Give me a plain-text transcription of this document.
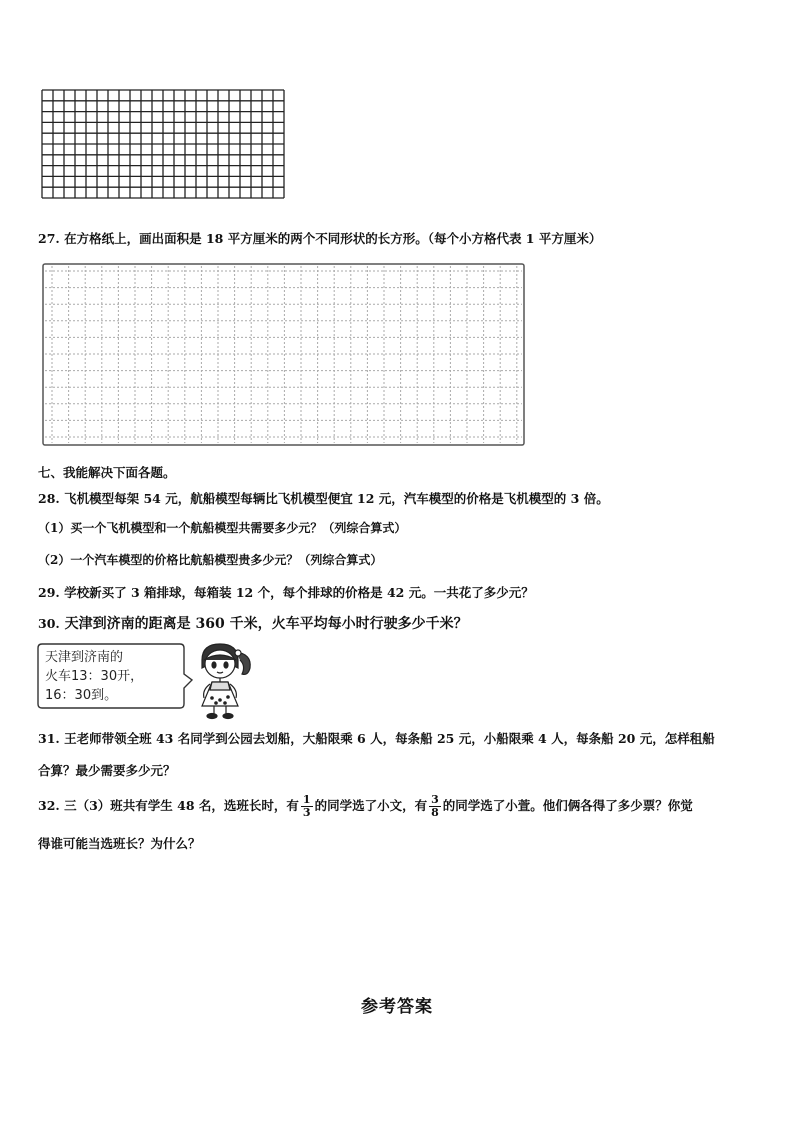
27. 在方格纸上，画出面积是 18 平方厘米的两个不同形状的长方形。（每个小方格代表 1 平方厘米）
七、我能解决下面各题。
28. 飞机模型每架 54 元，航船模型每辆比飞机模型便宜 12 元，汽车模型的价格是飞机模型的 3 倍。
（1）买一个飞机模型和一个航船模型共需要多少元？（列综合算式）
（2）一个汽车模型的价格比航船模型贵多少元？（列综合算式）
29. 学校新买了 3 箱排球，每箱装 12 个，每个排球的价格是 42 元。一共花了多少元？
30. 天津到济南的距离是 360 千米，火车平均每小时行驶多少千米？
天津到济南的
火车13：30开，
16：30到。
31. 王老师带领全班 43 名同学到公园去划船，大船限乘 6 人，每条船 25 元，小船限乘 4 人，每条船 20 元，怎样租船
合算？最少需要多少元？
32. 三（3）班共有学生 48 名，选班长时，有 $\frac{1}{3}$ 的同学选了小文，有 $\frac{3}{8}$ 的同学选了小萱。他们俩各得了多少票？你觉
得谁可能当选班长？为什么？
参考答案
